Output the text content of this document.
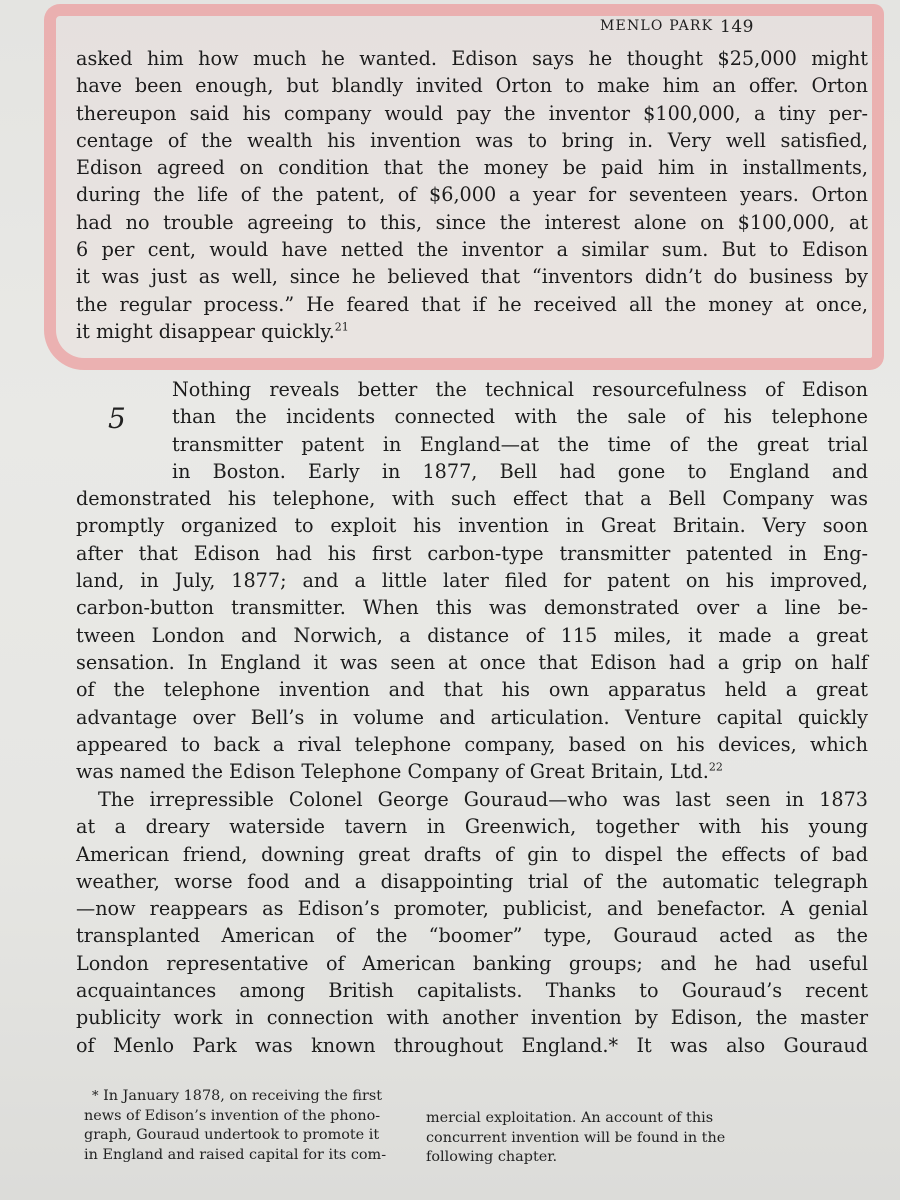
MENLO PARK 149
asked him how much he wanted. Edison says he thought $25,000 might
have been enough, but blandly invited Orton to make him an offer. Orton
thereupon said his company would pay the inventor $100,000, a tiny per-
centage of the wealth his invention was to bring in. Very well satisfied,
Edison agreed on condition that the money be paid him in installments,
during the life of the patent, of $6,000 a year for seventeen years. Orton
had no trouble agreeing to this, since the interest alone on $100,000, at
6 per cent, would have netted the inventor a similar sum. But to Edison
it was just as well, since he believed that “inventors didn’t do business by
the regular process.” He feared that if he received all the money at once,
it might disappear quickly.$^{21}$
5
Nothing reveals better the technical resourcefulness of Edison
than the incidents connected with the sale of his telephone
transmitter patent in England—at the time of the great trial
in Boston. Early in 1877, Bell had gone to England and
demonstrated his telephone, with such effect that a Bell Company was
promptly organized to exploit his invention in Great Britain. Very soon
after that Edison had his first carbon-type transmitter patented in Eng-
land, in July, 1877; and a little later filed for patent on his improved,
carbon-button transmitter. When this was demonstrated over a line be-
tween London and Norwich, a distance of 115 miles, it made a great
sensation. In England it was seen at once that Edison had a grip on half
of the telephone invention and that his own apparatus held a great
advantage over Bell’s in volume and articulation. Venture capital quickly
appeared to back a rival telephone company, based on his devices, which
was named the Edison Telephone Company of Great Britain, Ltd.$^{22}$
The irrepressible Colonel George Gouraud—who was last seen in 1873
at a dreary waterside tavern in Greenwich, together with his young
American friend, downing great drafts of gin to dispel the effects of bad
weather, worse food and a disappointing trial of the automatic telegraph
—now reappears as Edison’s promoter, publicist, and benefactor. A genial
transplanted American of the “boomer” type, Gouraud acted as the
London representative of American banking groups; and he had useful
acquaintances among British capitalists. Thanks to Gouraud’s recent
publicity work in connection with another invention by Edison, the master
of Menlo Park was known throughout England.* It was also Gouraud
* In January 1878, on receiving the first
news of Edison’s invention of the phono-
graph, Gouraud undertook to promote it
in England and raised capital for its com-
mercial exploitation. An account of this
concurrent invention will be found in the
following chapter.
